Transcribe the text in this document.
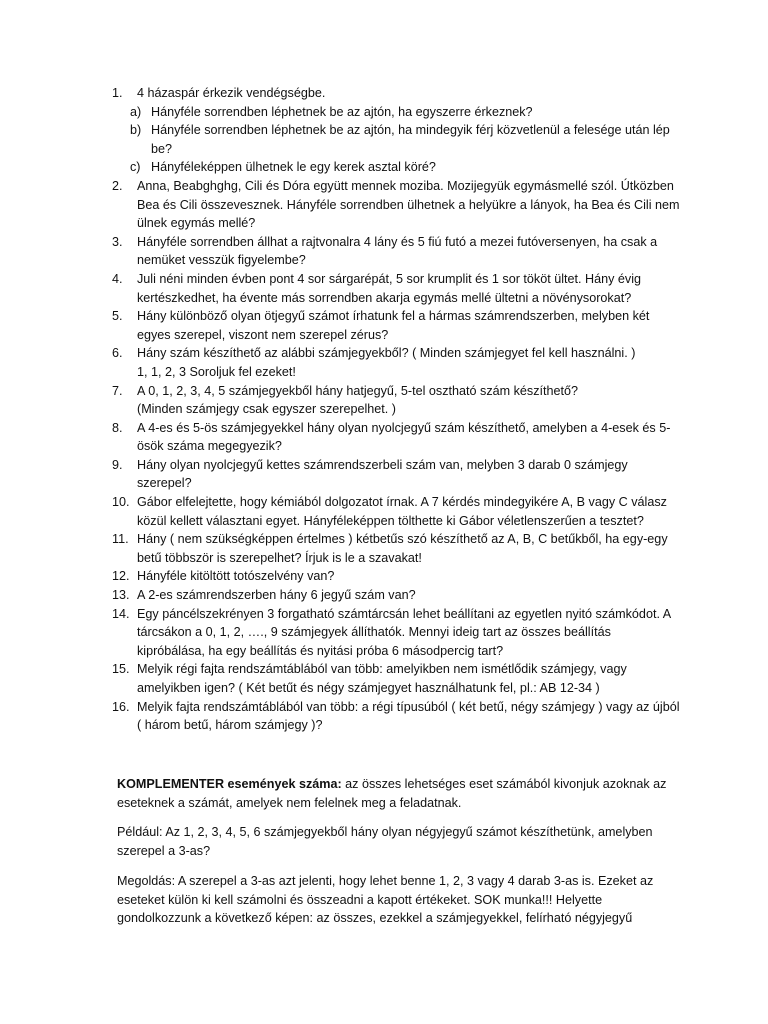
1. 4 házaspár érkezik vendégségbe.
a) Hányféle sorrendben léphetnek be az ajtón, ha egyszerre érkeznek?
b) Hányféle sorrendben léphetnek be az ajtón, ha mindegyik férj közvetlenül a felesége után lép be?
c) Hányféleképpen ülhetnek le egy kerek asztal köré?
2. Anna, Beabghghg, Cili és Dóra együtt mennek moziba. Mozijegyük egymásmellé szól. Útközben Bea és Cili összevesznek. Hányféle sorrendben ülhetnek a helyükre a lányok, ha Bea és Cili nem ülnek egymás mellé?
3. Hányféle sorrendben állhat a rajtvonalra 4 lány és 5 fiú futó a mezei futóversenyen, ha csak a nemüket vesszük figyelembe?
4. Juli néni minden évben pont 4 sor sárgarépát, 5 sor krumplit és 1 sor tököt ültet. Hány évig kertészkedhet, ha évente más sorrendben akarja egymás mellé ültetni a növénysorokat?
5. Hány különböző olyan ötjegyű számot írhatunk fel a hármas számrendszerben, melyben két egyes szerepel, viszont nem szerepel zérus?
6. Hány szám készíthető az alábbi számjegyekből? ( Minden számjegyet fel kell használni. )
1, 1, 2, 3 Soroljuk fel ezeket!
7. A 0, 1, 2, 3, 4, 5 számjegyekből hány hatjegyű, 5-tel osztható szám készíthető?
(Minden számjegy csak egyszer szerepelhet. )
8. A 4-es és 5-ös számjegyekkel hány olyan nyolcjegyű szám készíthető, amelyben a 4-esek és 5-ösök száma megegyezik?
9. Hány olyan nyolcjegyű kettes számrendszerbeli szám van, melyben 3 darab 0 számjegy szerepel?
10. Gábor elfelejtette, hogy kémiából dolgozatot írnak. A 7 kérdés mindegyikére A, B vagy C válasz közül kellett választani egyet. Hányféleképpen tölthette ki Gábor véletlenszerűen a tesztet?
11. Hány ( nem szükségképpen értelmes ) kétbetűs szó készíthető az A, B, C betűkből, ha egy-egy betű többször is szerepelhet? Írjuk is le a szavakat!
12. Hányféle kitöltött totószelvény van?
13. A 2-es számrendszerben hány 6 jegyű szám van?
14. Egy páncélszekrényen 3 forgatható számtárcsán lehet beállítani az egyetlen nyitó számkódot. A tárcsákon a 0, 1, 2, …., 9 számjegyek állíthatók. Mennyi ideig tart az összes beállítás kipróbálása, ha egy beállítás és nyitási próba 6 másodpercig tart?
15. Melyik régi fajta rendszámtáblából van több: amelyikben nem ismétlődik számjegy, vagy amelyikben igen? ( Két betűt és négy számjegyet használhatunk fel, pl.: AB 12-34 )
16. Melyik fajta rendszámtáblából van több: a régi típusúból ( két betű, négy számjegy ) vagy az újból ( három betű, három számjegy )?

KOMPLEMENTER események száma: az összes lehetséges eset számából kivonjuk azoknak az eseteknek a számát, amelyek nem felelnek meg a feladatnak.

Például: Az 1, 2, 3, 4, 5, 6 számjegyekből hány olyan négyjegyű számot készíthetünk, amelyben szerepel a 3-as?

Megoldás: A szerepel a 3-as azt jelenti, hogy lehet benne 1, 2, 3 vagy 4 darab 3-as is. Ezeket az eseteket külön ki kell számolni és összeadni a kapott értékeket. SOK munka!!! Helyette gondolkozzunk a következő képen: az összes, ezekkel a számjegyekkel, felírható négyjegyű
